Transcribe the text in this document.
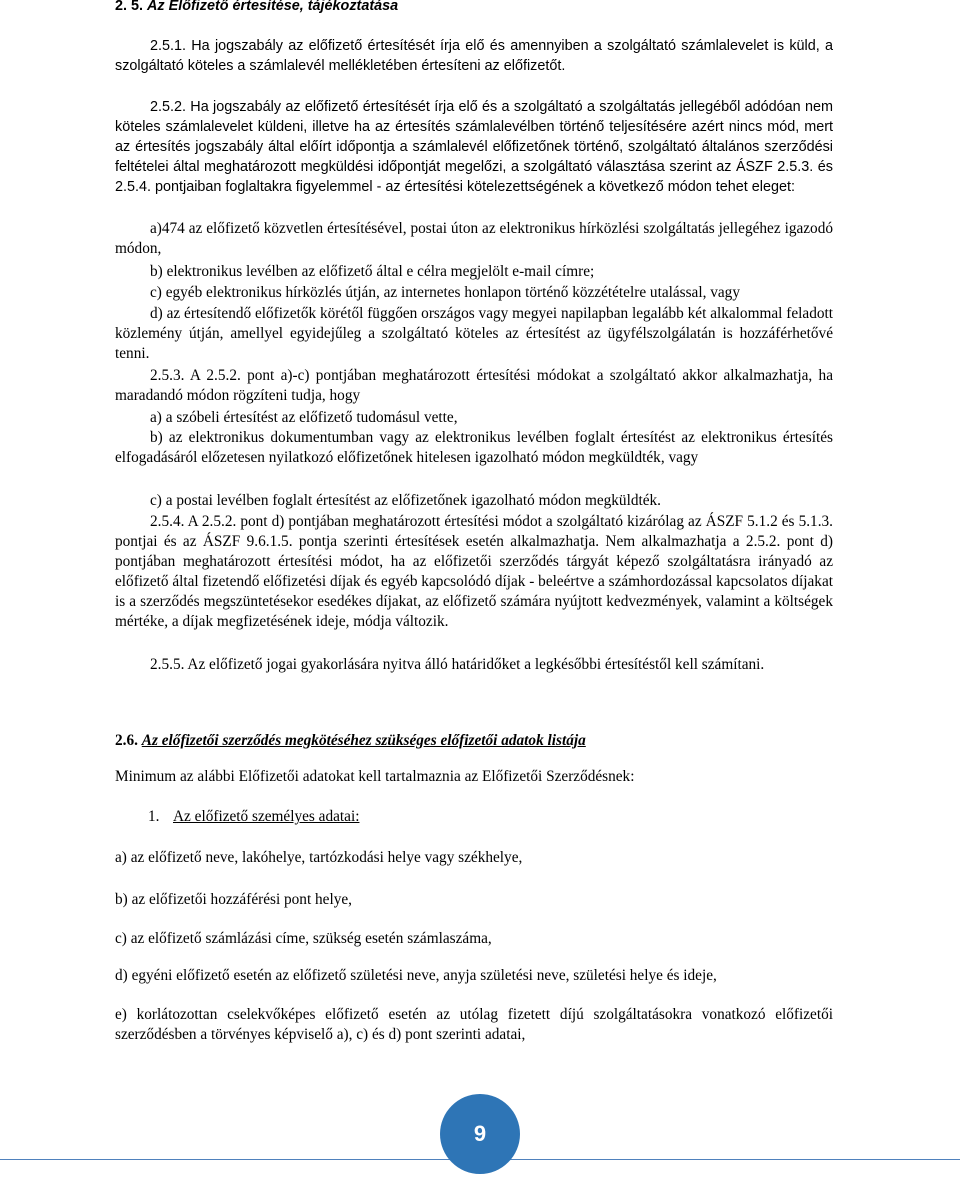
2. 5. Az Előfizető értesítése, tájékoztatása

2.5.1. Ha jogszabály az előfizető értesítését írja elő és amennyiben a szolgáltató számlalevelet is küld, a szolgáltató köteles a számlalevél mellékletében értesíteni az előfizetőt.

2.5.2. Ha jogszabály az előfizető értesítését írja elő és a szolgáltató a szolgáltatás jellegéből adódóan nem köteles számlalevelet küldeni, illetve ha az értesítés számlalevélben történő teljesítésére azért nincs mód, mert az értesítés jogszabály által előírt időpontja a számlalevél előfizetőnek történő, szolgáltató általános szerződési feltételei által meghatározott megküldési időpontját megelőzi, a szolgáltató választása szerint az ÁSZF 2.5.3. és 2.5.4. pontjaiban foglaltakra figyelemmel - az értesítési kötelezettségének a következő módon tehet eleget:

a)474 az előfizető közvetlen értesítésével, postai úton az elektronikus hírközlési szolgáltatás jellegéhez igazodó módon,

b) elektronikus levélben az előfizető által e célra megjelölt e-mail címre;

c) egyéb elektronikus hírközlés útján, az internetes honlapon történő közzétételre utalással, vagy

d) az értesítendő előfizetők körétől függően országos vagy megyei napilapban legalább két alkalommal feladott közlemény útján, amellyel egyidejűleg a szolgáltató köteles az értesítést az ügyfélszolgálatán is hozzáférhetővé tenni.

2.5.3. A 2.5.2. pont a)-c) pontjában meghatározott értesítési módokat a szolgáltató akkor alkalmazhatja, ha maradandó módon rögzíteni tudja, hogy

a) a szóbeli értesítést az előfizető tudomásul vette,

b) az elektronikus dokumentumban vagy az elektronikus levélben foglalt értesítést az elektronikus értesítés elfogadásáról előzetesen nyilatkozó előfizetőnek hitelesen igazolható módon megküldték, vagy

c) a postai levélben foglalt értesítést az előfizetőnek igazolható módon megküldték.

2.5.4. A 2.5.2. pont d) pontjában meghatározott értesítési módot a szolgáltató kizárólag az ÁSZF 5.1.2 és 5.1.3. pontjai és az ÁSZF 9.6.1.5. pontja szerinti értesítések esetén alkalmazhatja. Nem alkalmazhatja a 2.5.2. pont d) pontjában meghatározott értesítési módot, ha az előfizetői szerződés tárgyát képező szolgáltatásra irányadó az előfizető által fizetendő előfizetési díjak és egyéb kapcsolódó díjak - beleértve a számhordozással kapcsolatos díjakat is a szerződés megszüntetésekor esedékes díjakat, az előfizető számára nyújtott kedvezmények, valamint a költségek mértéke, a díjak megfizetésének ideje, módja változik.

2.5.5. Az előfizető jogai gyakorlására nyitva álló határidőket a legkésőbbi értesítéstől kell számítani.

2.6. Az előfizetői szerződés megkötéséhez szükséges előfizetői adatok listája

Minimum az alábbi Előfizetői adatokat kell tartalmaznia az Előfizetői Szerződésnek:
1. Az előfizető személyes adatai:
a) az előfizető neve, lakóhelye, tartózkodási helye vagy székhelye,
b) az előfizetői hozzáférési pont helye,
c) az előfizető számlázási címe, szükség esetén számlaszáma,
d) egyéni előfizető esetén az előfizető születési neve, anyja születési neve, születési helye és ideje,

e) korlátozottan cselekvőképes előfizető esetén az utólag fizetett díjú szolgáltatásokra vonatkozó előfizetői szerződésben a törvényes képviselő a), c) és d) pont szerinti adatai,

9
